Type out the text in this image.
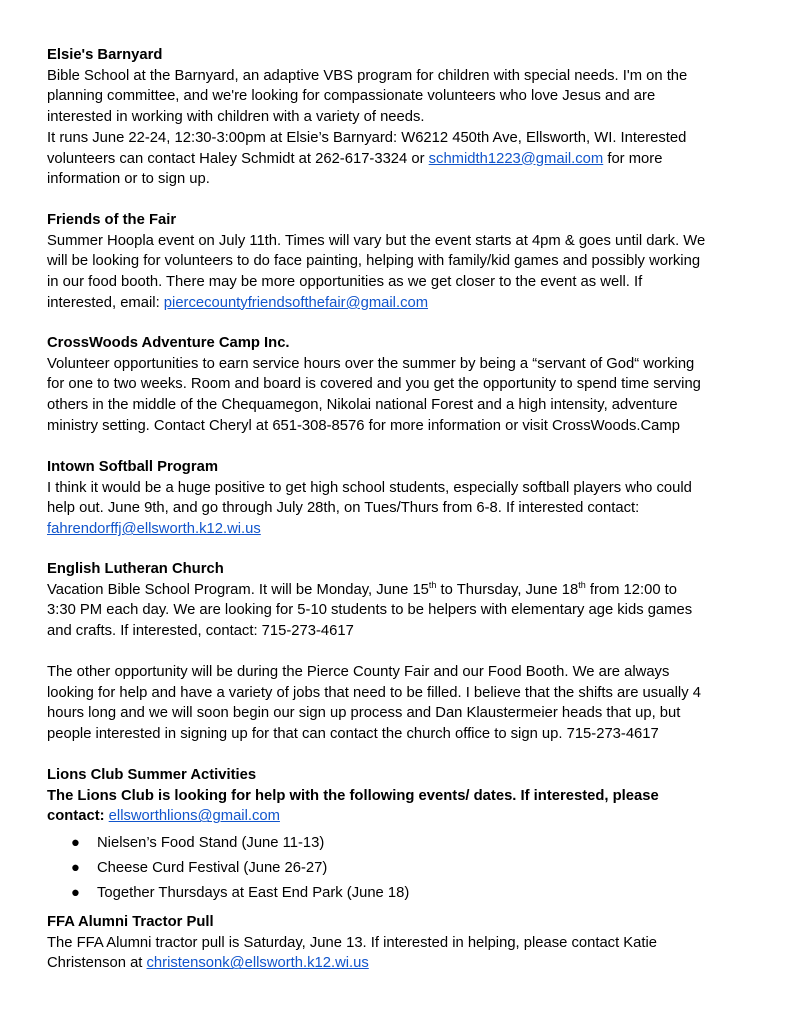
Elsie's Barnyard
Bible School at the Barnyard, an adaptive VBS program for children with special needs. I'm on the
planning committee, and we're looking for compassionate volunteers who love Jesus and are
interested in working with children with a variety of needs.
It runs June 22-24, 12:30-3:00pm at Elsie’s Barnyard: W6212 450th Ave, Ellsworth, WI. Interested
volunteers can contact Haley Schmidt at 262-617-3324 or schmidth1223@gmail.com for more
information or to sign up.
Friends of the Fair
Summer Hoopla event on July 11th. Times will vary but the event starts at 4pm & goes until dark. We
will be looking for volunteers to do face painting, helping with family/kid games and possibly working
in our food booth. There may be more opportunities as we get closer to the event as well. If
interested, email: piercecountyfriendsofthefair@gmail.com
CrossWoods Adventure Camp Inc.
Volunteer opportunities to earn service hours over the summer by being a “servant of God“ working
for one to two weeks. Room and board is covered and you get the opportunity to spend time serving
others in the middle of the Chequamegon, Nikolai national Forest and a high intensity, adventure
ministry setting. Contact Cheryl at 651-308-8576 for more information or visit CrossWoods.Camp
Intown Softball Program
I think it would be a huge positive to get high school students, especially softball players who could
help out. June 9th, and go through July 28th, on Tues/Thurs from 6-8. If interested contact:
fahrendorffj@ellsworth.k12.wi.us
English Lutheran Church
Vacation Bible School Program. It will be Monday, June 15th to Thursday, June 18th from 12:00 to
3:30 PM each day. We are looking for 5-10 students to be helpers with elementary age kids games
and crafts. If interested, contact: 715-273-4617
The other opportunity will be during the Pierce County Fair and our Food Booth. We are always
looking for help and have a variety of jobs that need to be filled. I believe that the shifts are usually 4
hours long and we will soon begin our sign up process and Dan Klaustermeier heads that up, but
people interested in signing up for that can contact the church office to sign up. 715-273-4617
Lions Club Summer Activities
The Lions Club is looking for help with the following events/ dates. If interested, please
contact: ellsworthlions@gmail.com
● Nielsen’s Food Stand (June 11-13)
● Cheese Curd Festival (June 26-27)
● Together Thursdays at East End Park (June 18)
FFA Alumni Tractor Pull
The FFA Alumni tractor pull is Saturday, June 13. If interested in helping, please contact Katie
Christenson at christensonk@ellsworth.k12.wi.us
